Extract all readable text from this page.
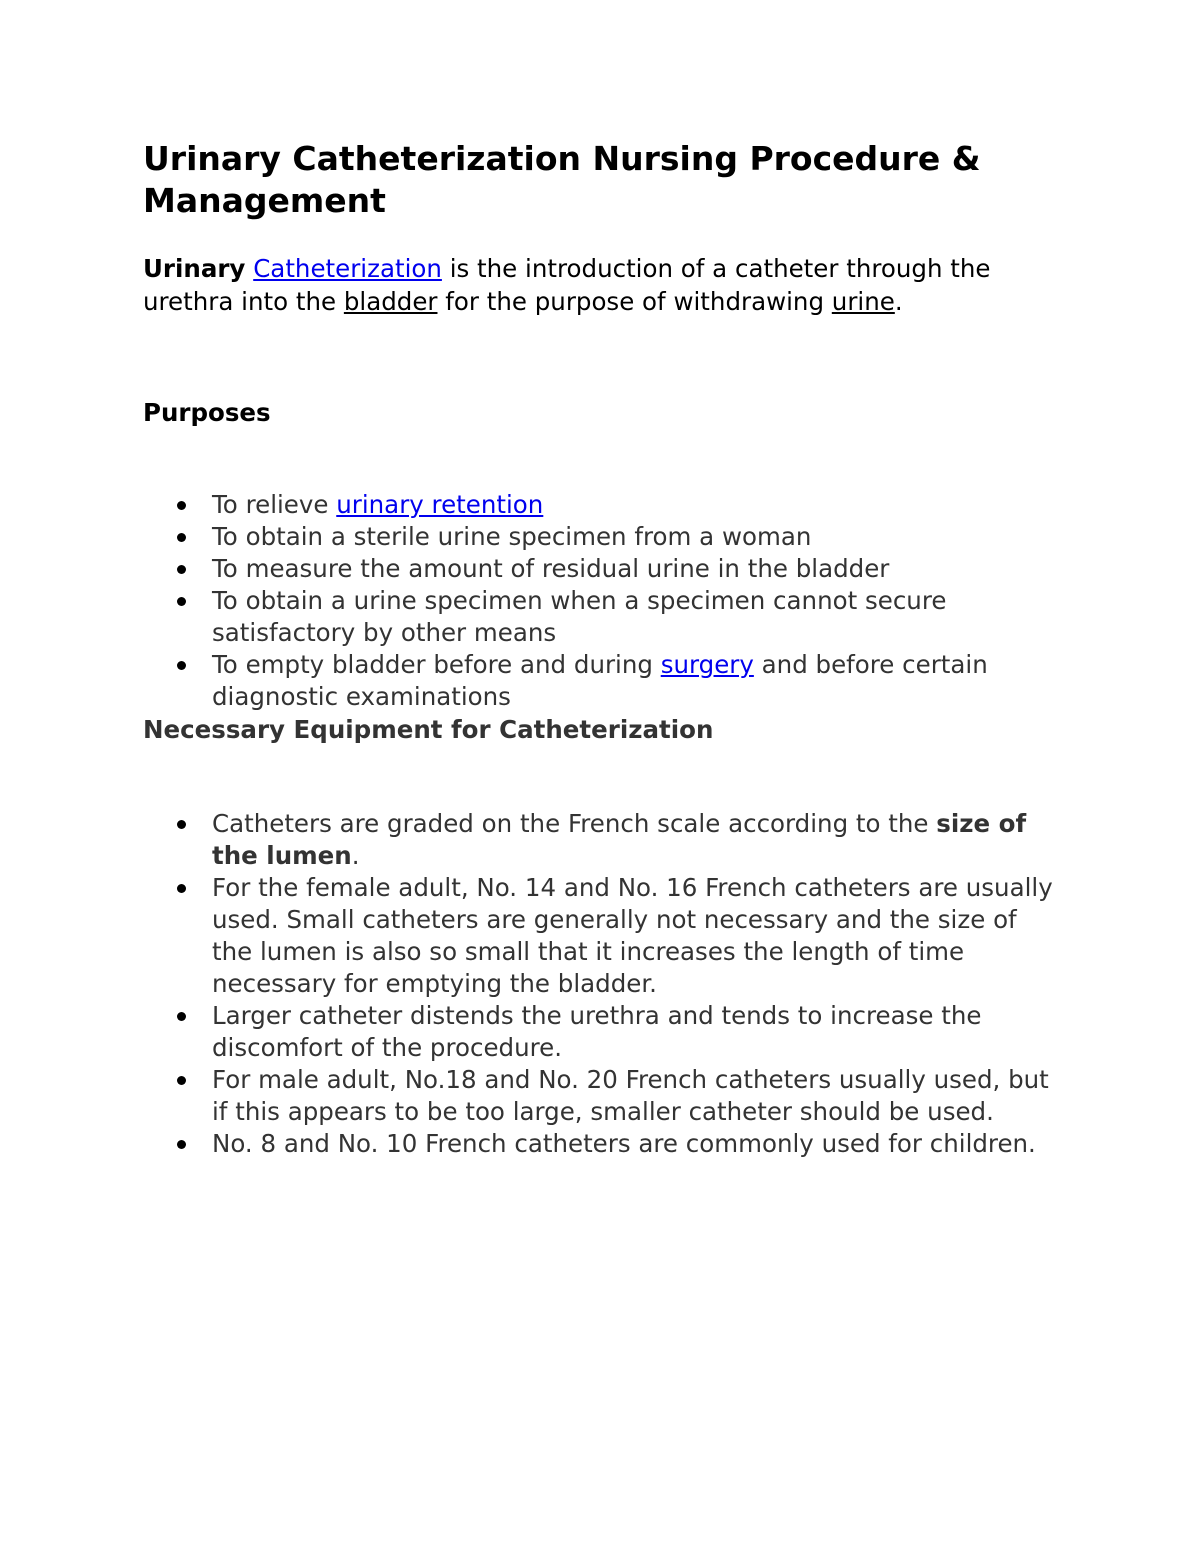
Urinary Catheterization Nursing Procedure & Management

Urinary Catheterization is the introduction of a catheter through the urethra into the bladder for the purpose of withdrawing urine.

Purposes
To relieve urinary retention
To obtain a sterile urine specimen from a woman
To measure the amount of residual urine in the bladder
To obtain a urine specimen when a specimen cannot secure satisfactory by other means
To empty bladder before and during surgery and before certain diagnostic examinations
Necessary Equipment for Catheterization
Catheters are graded on the French scale according to the size of the lumen.
For the female adult, No. 14 and No. 16 French catheters are usually used. Small catheters are generally not necessary and the size of the lumen is also so small that it increases the length of time necessary for emptying the bladder.
Larger catheter distends the urethra and tends to increase the discomfort of the procedure.
For male adult, No.18 and No. 20 French catheters usually used, but if this appears to be too large, smaller catheter should be used.
No. 8 and No. 10 French catheters are commonly used for children.
